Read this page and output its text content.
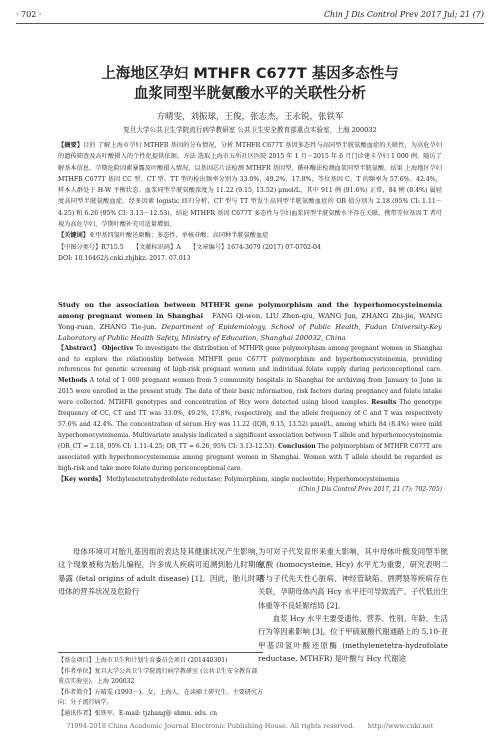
· 702 ·	Chin J Dis Control Prev 2017 Jul; 21 (7)
上海地区孕妇 MTHFR C677T 基因多态性与
血浆同型半胱氨酸水平的关联性分析
方晴雯，刘振球，王俊，张志杰，王永锐，张铁军
复旦大学公共卫生学院流行病学教研室 公共卫生安全教育部重点实验室，上海 200032

【摘要】目的 了解上海市孕妇 MTHFR 基因的分布情况，分析 MTHFR C677T 基因多态性与高同型半胱氨酸血症的关联性，为高危孕妇的遗传筛查及高叶酸摄入的个性化提供依据。方法 选取上海市五所社区医院 2015 年 1 月－2015 年 6 月门诊建卡孕妇 1 000 例，随访了解基本信息，孕期危险因素暴露及叶酸摄入情况，以基因芯片法检测 MTHFR 基因型，循环酶法检测血浆同型半胱氨酸。结果 上海地区孕妇 MTHFR C677T 基因 CC 型、CT 型、TT 型的检出频率分别为 33.0%、49.2%、17.8%，等位基因 C、T 的频率为 57.6%、42.4%，样本人群处于 H-W 平衡状态。血浆同型半胱氨酸浓度为 11.22 (9.15, 13.52) μmol/L，其中 911 例 (91.6%) 正常，84 例 (8.4%) 属轻度高同型半胱氨酸血症。经多因素 logistic 回归分析，CT 型与 TT 型发生高同型半胱氨酸血症的 OR 值分别为 2.18 (95% CI: 1.11－4.25) 和 6.26 (95% CI: 3.13－12.53)。结论 MTHFR 基因 C677T 多态性与孕妇血浆同型半胱氨酸水平存在关联，携带等位基因 T 者可视为高危孕妇，孕期叶酸补充可适量增加。

【关键词】亚甲基四氢叶酸还原酶；多态性，单核苷酸；高同种半胱氨酸血症

【中图分类号】R715.5　　【文献标识码】A　　【文章编号】1674-3679 (2017) 07-0702-04

DOI: 10.16462/j.cnki.zhjbkz. 2017. 07.013

Study on the association between MTHFR gene polymorphism and the hyperhomocysteinemia among pregnant women in Shanghai　 FANG Qi-wen, LIU Zhen-qiu, WANG Jun, ZHANG Zhi-jie, WANG Yong-ruan, ZHANG Tie-jun. Department of Epidemiology, School of Public Health, Fudan University-Key Laboratory of Public Health Safety, Ministry of Education, Shanghai 200032, China

【Abstract】 Objective To investigate the distribution of MTHFR gene polymorphism among pregnant women in Shanghai and to explore the relationship between MTHFR gene C677T polymorphism and hyperhomocysteinemia, providing references for genetic screening of high-risk pregnant women and individual folate supply during periconceptional care. Methods A total of 1 000 pregnant women from 5 community hospitals in Shanghai for archiving from January to June in 2015 were enrolled in the present study. The data of their basic information, risk factors during pregnancy and folate intake were collected. MTHFR genotypes and concentration of Hcy were detected using blood samples. Results The genotype frequency of CC, CT and TT was 33.0%, 49.2%, 17.8%, respectively, and the allele frequency of C and T was respectively 57.6% and 42.4%. The concentration of serum Hcy was 11.22 (IQR, 9.15, 13.52) μmol/L, among which 84 (8.4%) were mild hyperhomocysteinemia. Multivariate analysis indicated a significant association between T allele and hyperhomocysteinemia (OR_CT = 2.18, 95% CI: 1.11-4.25; OR_TT = 6.26, 95% CI: 3.13-12.53). Conclusion The polymorphism of MTHFR C677T are associated with hyperhomocysteinemia among pregnant women in Shanghai. Women with T allele should be regarded as high-risk and take more folate during periconceptional care.

【Key words】 Methylenetetrahydrofolate reductase; Polymorphism, single nucleotide; Hyperhomocysteinemia

(Chin J Dis Control Prev 2017, 21 (7): 702-705)

母体环境可对胎儿基因组的表达及其健康状况产生影响，这个现象被称为胎儿编程，许多成人疾病可追溯到胎儿时期的暴露 (fetal origins of adult disease) [1]。因此，胎儿时期母体的营养状况及危险行

为可对子代发育形来重大影响，其中母体叶酸及同型半胱氨酸 (homocysteine, Hcy) 水平尤为重要，研究表明二者与子代先天性心脏病、神经管缺陷、唇腭裂等疾病存在关联，孕期母体内高 Hcy 水平还可导致流产、子代低出生体重等不良妊娠结局 [2]。

血浆 Hcy 水平主要受遗传、营养、性别、年龄、生活行为等因素影响 [3]。位于甲硫氨酸代谢通路上的 5,10-亚甲基四氢叶酸还原酶 (methylenetetra-hydrofolate reductase, MTHFR) 是叶酸与 Hcy 代谢途

【基金项目】上海市卫生和计划生育委员会项目 (201440301)

【作者单位】复旦大学公共卫生学院流行病学教研室 (公共卫生安全教育部重点实验室)，上海 200032

【作者简介】方晴雯 (1993－)，女，上海人，在读硕士研究生。主要研究方向：分子流行病学。

【通讯作者】张铁军，E-mail: tjzhang@ shmu. edu. cn

?1994-2018 China Academic Journal Electronic Publishing House. All rights reserved.　　http://www.cnki.net
